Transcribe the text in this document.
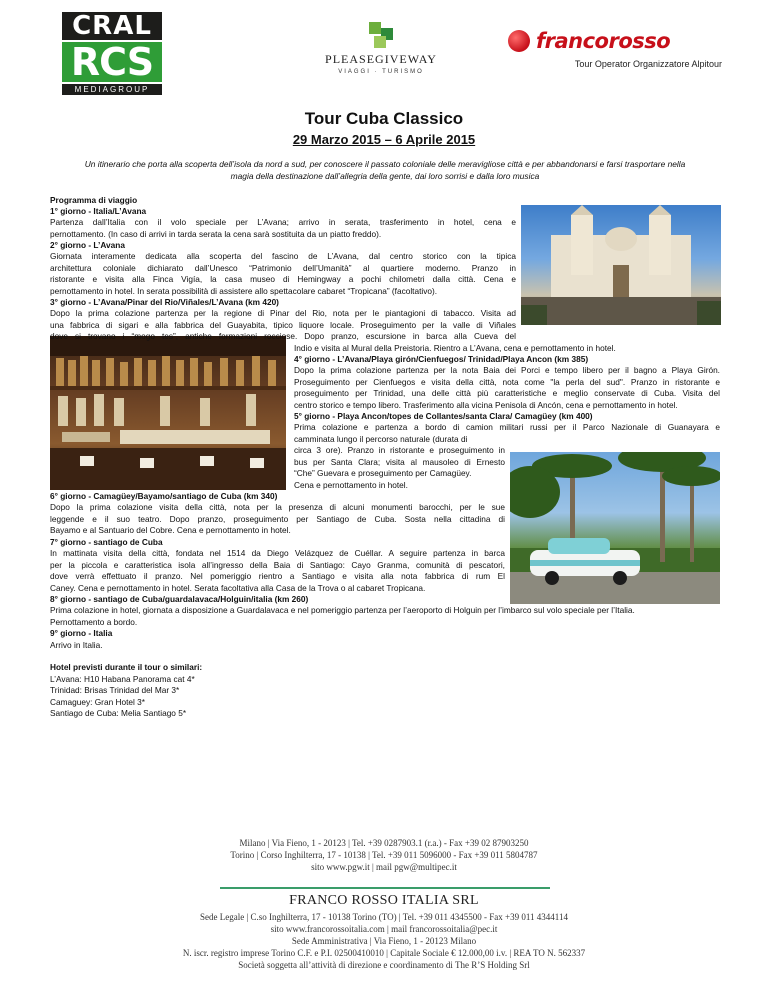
CRAL
RCS
MEDIAGROUP
PLEASEGIVEWAY
VIAGGI · TURISMO
francorosso
Tour Operator Organizzatore Alpitour
Tour Cuba Classico
29 Marzo 2015 – 6 Aprile 2015
Un itinerario che porta alla scoperta dell’isola da nord a sud, per conoscere il passato coloniale delle meravigliose città e per abbandonarsi e farsi trasportare nella
magia della destinazione dall’allegria della gente, dai loro sorrisi e dalla loro musica
Programma di viaggio
1° giorno - Italia/L’Avana
Partenza dall’Italia con il volo speciale per L’Avana; arrivo in serata, trasferimento in hotel, cena e
pernottamento. (In caso di arrivi in tarda serata la cena sarà sostituita da un piatto freddo).
2° giorno - L’Avana
Giornata interamente dedicata alla scoperta del fascino de L’Avana, dal centro storico con la tipica
architettura coloniale dichiarato dall’Unesco “Patrimonio dell’Umanità” al quartiere moderno. Pranzo in
ristorante e visita alla Finca Vigía, la casa museo di Hemingway a pochi chilometri dalla città. Cena e
pernottamento in hotel. In serata possibilità di assistere allo spettacolare cabaret “Tropicana” (facoltativo).
3° giorno - L’Avana/Pinar del Rio/Viñales/L’Avana (km 420)
Dopo la prima colazione partenza per la regione di Pinar del Rio, nota per le piantagioni di tabacco. Visita ad
una fabbrica di sigari e alla fabbrica del Guayabita, tipico liquore locale. Proseguimento per la valle di Viñales
dove si trovano i “mogo tes”, antiche formazioni rocciose. Dopo pranzo, escursione in barca alla Cueva del
Indio e visita al Mural della Preistoria. Rientro a L’Avana, cena e pernottamento in hotel.
4° giorno - L’Avana/Playa girón/Cienfuegos/ Trinidad/Playa Ancon (km 385)
Dopo la prima colazione partenza per la nota Baia dei Porci e tempo libero per il bagno a Playa Girón.
Proseguimento per Cienfuegos e visita della città, nota come "la perla del sud". Pranzo in ristorante e
proseguimento per Trinidad, una delle città più caratteristiche e meglio conservate di Cuba. Visita del
centro storico e tempo libero. Trasferimento alla vicina Penisola di Ancón, cena e pernottamento in hotel.
5° giorno - Playa Ancon/topes de Collantes/santa Clara/ Camagüey (km 400)
Prima colazione e partenza a bordo di camion militari russi per il Parco Nazionale di Guanayara e
camminata lungo il percorso naturale (durata di
circa 3 ore). Pranzo in ristorante e proseguimento in
bus per Santa Clara; visita al mausoleo di Ernesto
“Che” Guevara e proseguimento per Camagüey.
Cena e pernottamento in hotel.
6° giorno - Camagüey/Bayamo/santiago de Cuba (km 340)
Dopo la prima colazione visita della città, nota per la presenza di alcuni monumenti barocchi, per le sue
leggende e il suo teatro. Dopo pranzo, proseguimento per Santiago de Cuba. Sosta nella cittadina di
Bayamo e al Santuario del Cobre. Cena e pernottamento in hotel.
7° giorno - santiago de Cuba
In mattinata visita della città, fondata nel 1514 da Diego Velázquez de Cuéllar. A seguire partenza in barca
per la piccola e caratteristica isola all’ingresso della Baia di Santiago: Cayo Granma, comunità di pescatori,
dove verrà effettuato il pranzo. Nel pomeriggio rientro a Santiago e visita alla nota fabbrica di rum El
Caney. Cena e pernottamento in hotel. Serata facoltativa alla Casa de la Trova o al cabaret Tropicana.
8° giorno - santiago de Cuba/guardalavaca/Holguin/italia (km 260)
Prima colazione in hotel, giornata a disposizione a Guardalavaca e nel pomeriggio partenza per l’aeroporto di Holguin per l’imbarco sul volo speciale per l’Italia.
Pernottamento a bordo.
9° giorno - Italia
Arrivo in Italia.
Hotel previsti durante il tour o similari:
L’Avana: H10 Habana Panorama cat 4*
Trinidad: Brisas Trinidad del Mar 3*
Camaguey: Gran Hotel 3*
Santiago de Cuba: Melia Santiago 5*
Milano | Via Fieno, 1 - 20123 | Tel. +39 0287903.1 (r.a.) - Fax +39 02 87903250
Torino | Corso Inghilterra, 17 - 10138 | Tel. +39 011 5096000 - Fax +39 011 5804787
sito www.pgw.it | mail pgw@multipec.it
FRANCO ROSSO ITALIA SRL
Sede Legale | C.so Inghilterra, 17 - 10138 Torino (TO) | Tel. +39 011 4345500 - Fax +39 011 4344114
sito www.francorossoitalia.com | mail francorossoitalia@pec.it
Sede Amministrativa | Via Fieno, 1 - 20123 Milano
N. iscr. registro imprese Torino C.F. e P.I. 02500410010 | Capitale Sociale € 12.000,00 i.v. | REA TO N. 562337
Società soggetta all’attività di direzione e coordinamento di The R’S Holding Srl
